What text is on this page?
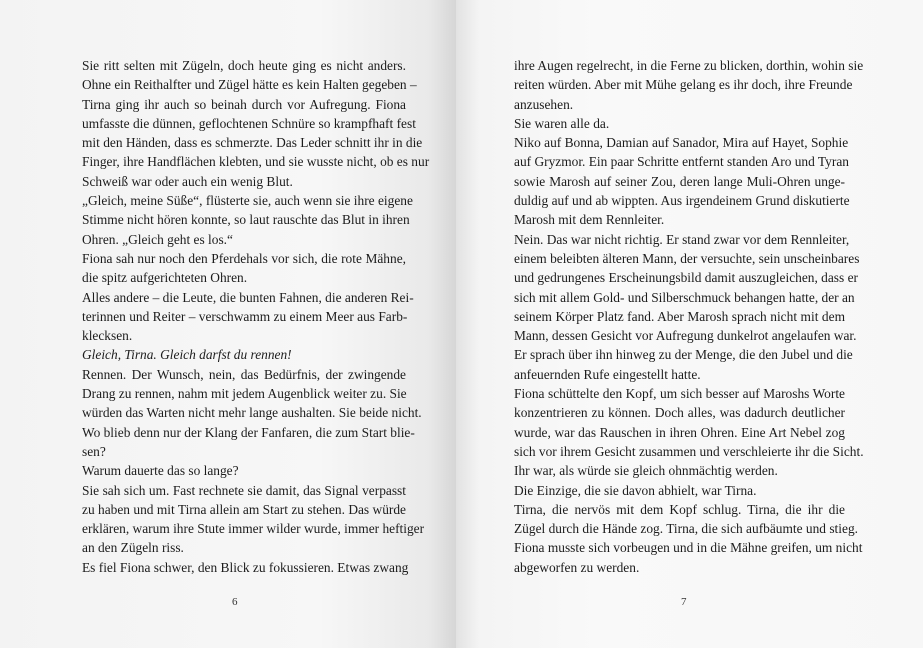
Sie ritt selten mit Zügeln, doch heute ging es nicht anders.
Ohne ein Reithalfter und Zügel hätte es kein Halten gegeben –
Tirna ging ihr auch so beinah durch vor Aufregung. Fiona
umfasste die dünnen, geflochtenen Schnüre so krampfhaft fest
mit den Händen, dass es schmerzte. Das Leder schnitt ihr in die
Finger, ihre Handflächen klebten, und sie wusste nicht, ob es nur
Schweiß war oder auch ein wenig Blut.
„Gleich, meine Süße“, flüsterte sie, auch wenn sie ihre eigene
Stimme nicht hören konnte, so laut rauschte das Blut in ihren
Ohren. „Gleich geht es los.“
Fiona sah nur noch den Pferdehals vor sich, die rote Mähne,
die spitz aufgerichteten Ohren.
Alles andere – die Leute, die bunten Fahnen, die anderen Rei-
terinnen und Reiter – verschwamm zu einem Meer aus Farb-
klecksen.
Gleich, Tirna. Gleich darfst du rennen!
Rennen. Der Wunsch, nein, das Bedürfnis, der zwingende
Drang zu rennen, nahm mit jedem Augenblick weiter zu. Sie
würden das Warten nicht mehr lange aushalten. Sie beide nicht.
Wo blieb denn nur der Klang der Fanfaren, die zum Start blie-
sen?
Warum dauerte das so lange?
Sie sah sich um. Fast rechnete sie damit, das Signal verpasst
zu haben und mit Tirna allein am Start zu stehen. Das würde
erklären, warum ihre Stute immer wilder wurde, immer heftiger
an den Zügeln riss.
Es fiel Fiona schwer, den Blick zu fokussieren. Etwas zwang
6
ihre Augen regelrecht, in die Ferne zu blicken, dorthin, wohin sie
reiten würden. Aber mit Mühe gelang es ihr doch, ihre Freunde
anzusehen.
Sie waren alle da.
Niko auf Bonna, Damian auf Sanador, Mira auf Hayet, Sophie
auf Gryzmor. Ein paar Schritte entfernt standen Aro und Tyran
sowie Marosh auf seiner Zou, deren lange Muli-Ohren unge-
duldig auf und ab wippten. Aus irgendeinem Grund diskutierte
Marosh mit dem Rennleiter.
Nein. Das war nicht richtig. Er stand zwar vor dem Rennleiter,
einem beleibten älteren Mann, der versuchte, sein unscheinbares
und gedrungenes Erscheinungsbild damit auszugleichen, dass er
sich mit allem Gold- und Silberschmuck behangen hatte, der an
seinem Körper Platz fand. Aber Marosh sprach nicht mit dem
Mann, dessen Gesicht vor Aufregung dunkelrot angelaufen war.
Er sprach über ihn hinweg zu der Menge, die den Jubel und die
anfeuernden Rufe eingestellt hatte.
Fiona schüttelte den Kopf, um sich besser auf Maroshs Worte
konzentrieren zu können. Doch alles, was dadurch deutlicher
wurde, war das Rauschen in ihren Ohren. Eine Art Nebel zog
sich vor ihrem Gesicht zusammen und verschleierte ihr die Sicht.
Ihr war, als würde sie gleich ohnmächtig werden.
Die Einzige, die sie davon abhielt, war Tirna.
Tirna, die nervös mit dem Kopf schlug. Tirna, die ihr die
Zügel durch die Hände zog. Tirna, die sich aufbäumte und stieg.
Fiona musste sich vorbeugen und in die Mähne greifen, um nicht
abgeworfen zu werden.
7
